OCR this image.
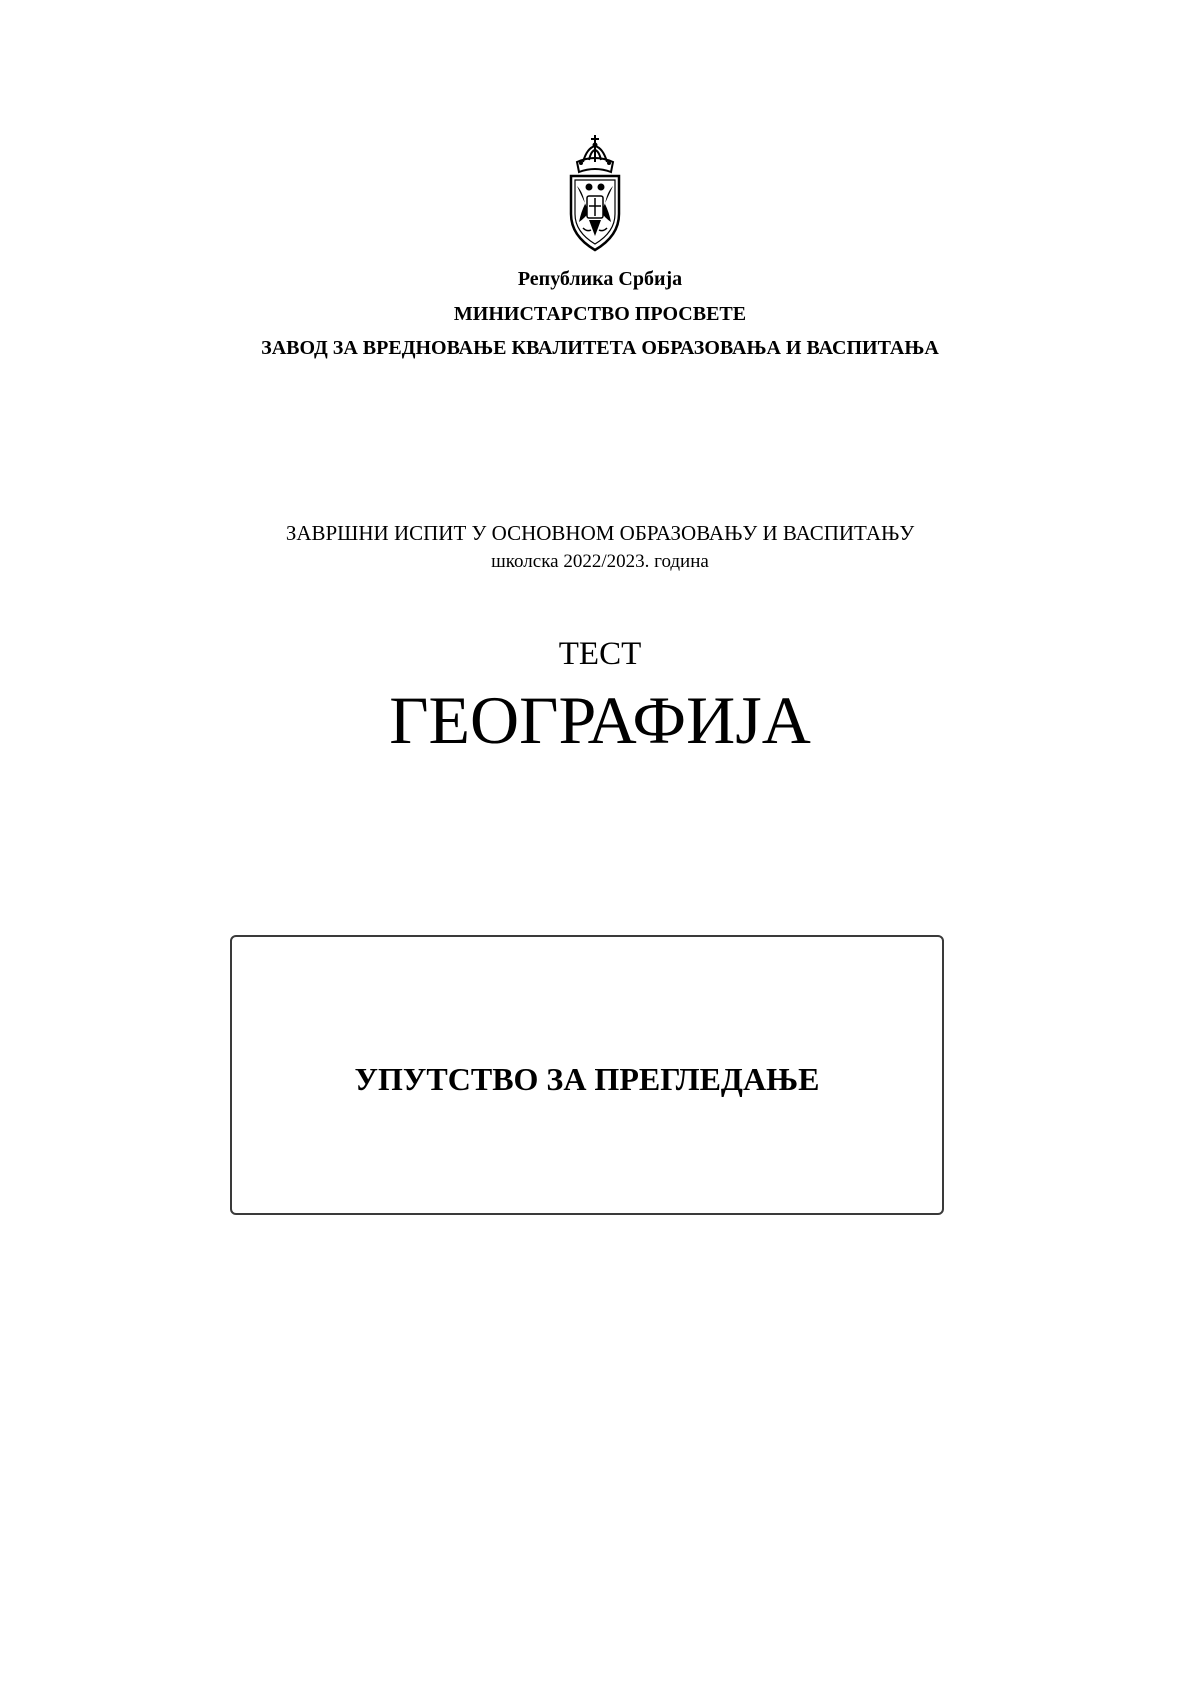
Република Србија
МИНИСТАРСТВО ПРОСВЕТЕ
ЗАВОД ЗА ВРЕДНОВАЊЕ КВАЛИТЕТА ОБРАЗОВАЊА И ВАСПИТАЊА
ЗАВРШНИ ИСПИТ У ОСНОВНОМ ОБРАЗОВАЊУ И ВАСПИТАЊУ
школска 2022/2023. година
ТЕСТ
ГЕОГРАФИЈА
УПУТСТВО ЗА ПРЕГЛЕДАЊЕ
